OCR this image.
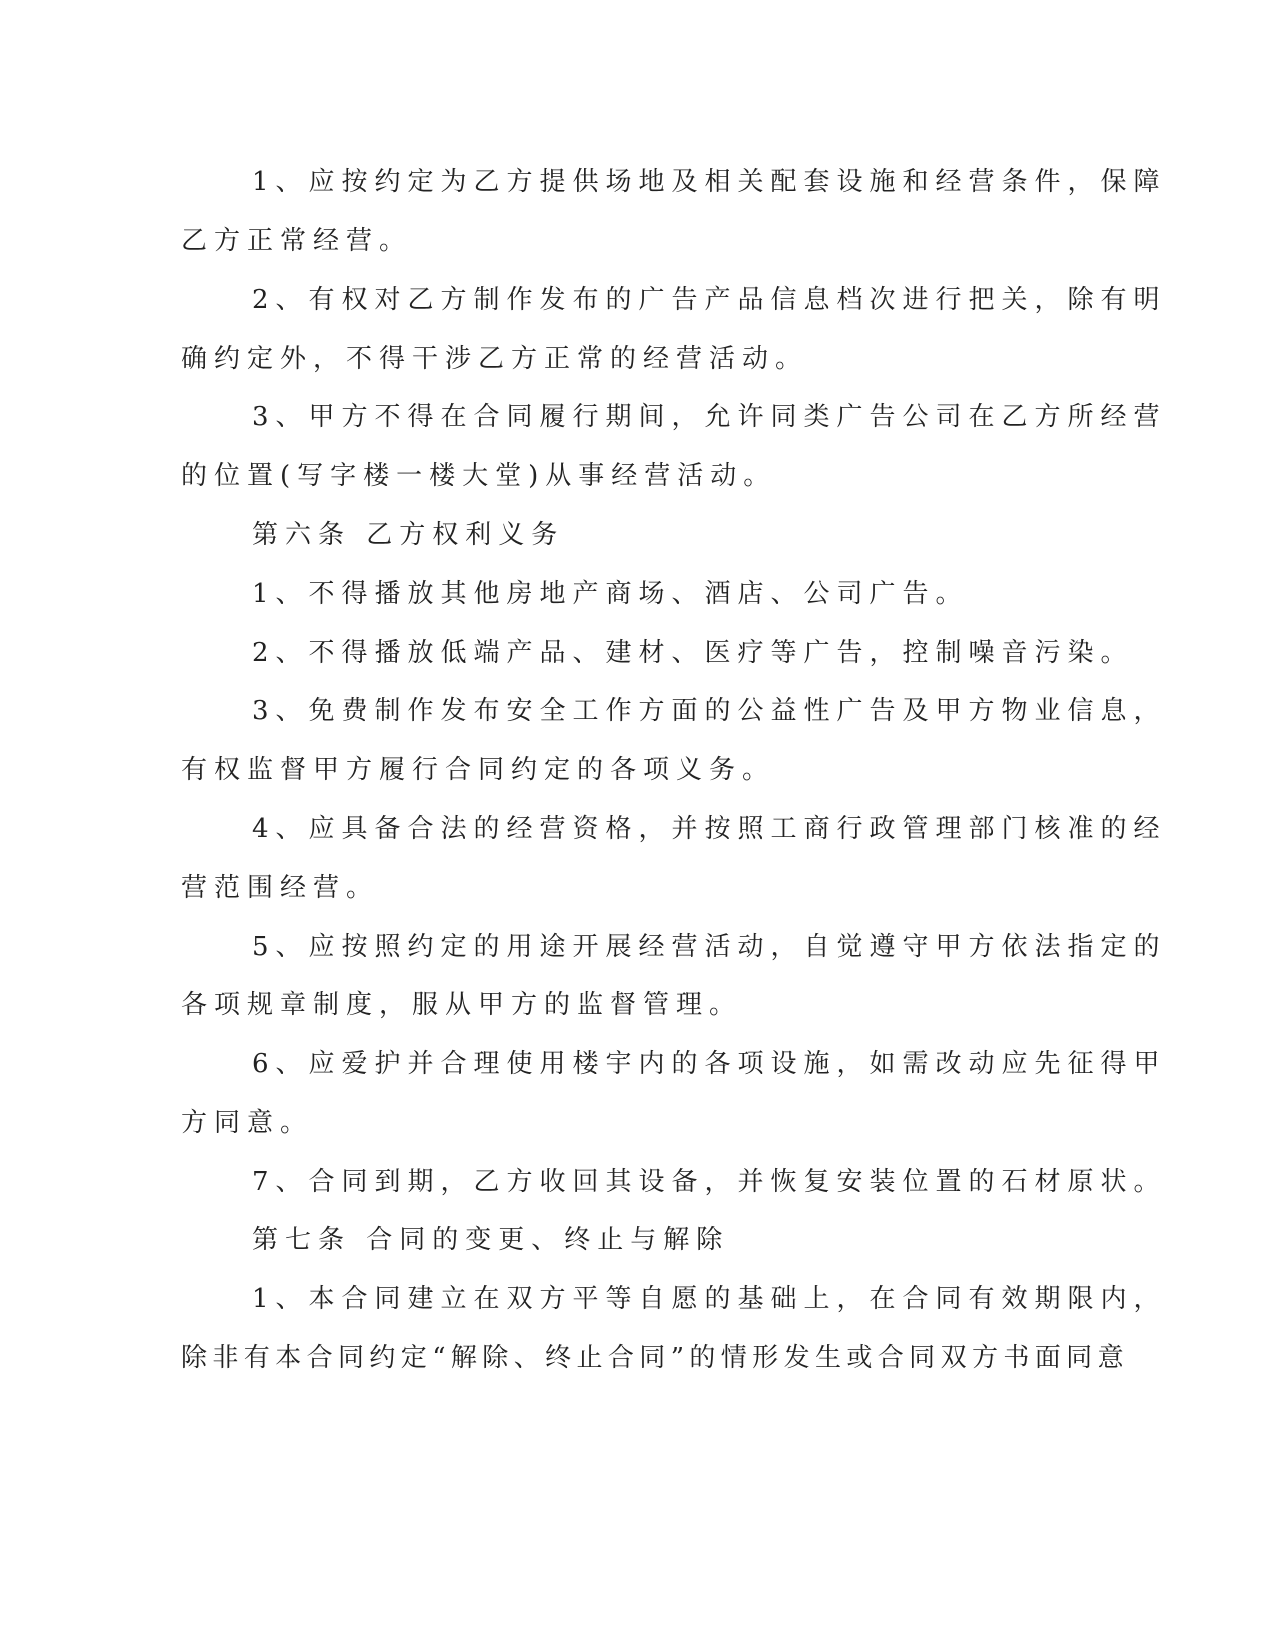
1、应按约定为乙方提供场地及相关配套设施和经营条件，保障

乙方正常经营。

2、有权对乙方制作发布的广告产品信息档次进行把关，除有明

确约定外，不得干涉乙方正常的经营活动。

3、甲方不得在合同履行期间，允许同类广告公司在乙方所经营

的位置(写字楼一楼大堂)从事经营活动。

第六条 乙方权利义务

1、不得播放其他房地产商场、酒店、公司广告。

2、不得播放低端产品、建材、医疗等广告，控制噪音污染。

3、免费制作发布安全工作方面的公益性广告及甲方物业信息，

有权监督甲方履行合同约定的各项义务。

4、应具备合法的经营资格，并按照工商行政管理部门核准的经

营范围经营。

5、应按照约定的用途开展经营活动，自觉遵守甲方依法指定的

各项规章制度，服从甲方的监督管理。

6、应爱护并合理使用楼宇内的各项设施，如需改动应先征得甲

方同意。

7、合同到期，乙方收回其设备，并恢复安装位置的石材原状。

第七条 合同的变更、终止与解除

1、本合同建立在双方平等自愿的基础上，在合同有效期限内，

除非有本合同约定“解除、终止合同”的情形发生或合同双方书面同意
